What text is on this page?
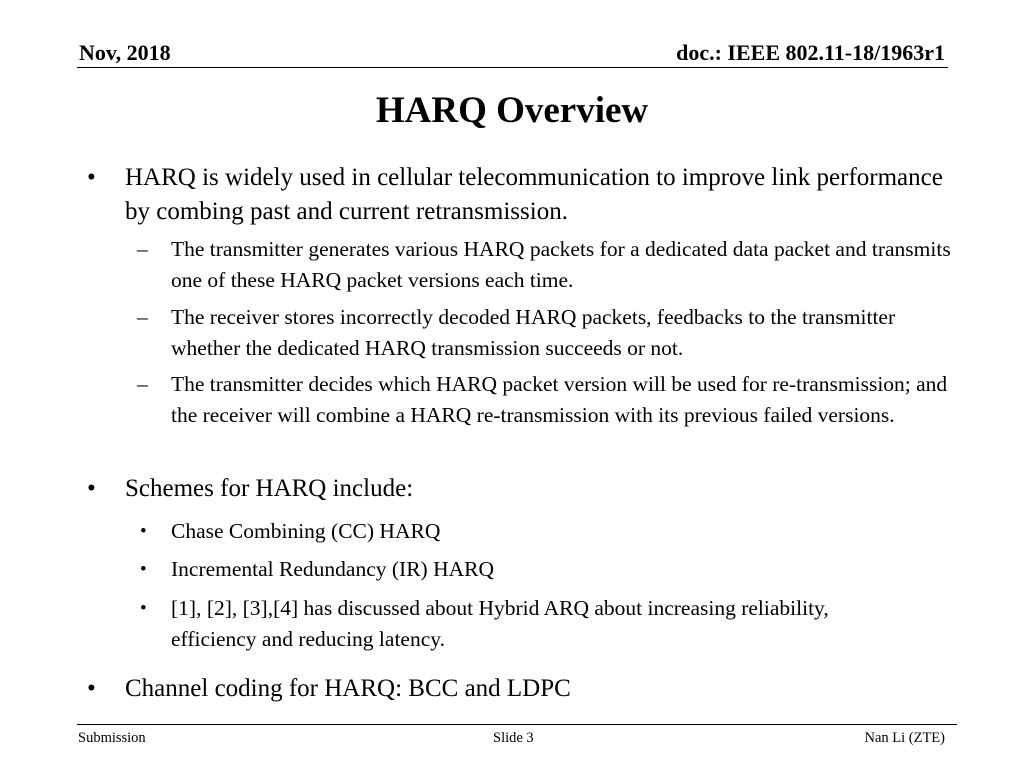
Nov, 2018	doc.: IEEE 802.11-18/1963r1
HARQ Overview
• HARQ is widely used in cellular telecommunication to improve link performance by combing past and current retransmission.
– The transmitter generates various HARQ packets for a dedicated data packet and transmits one of these HARQ packet versions each time.
– The receiver stores incorrectly decoded HARQ packets, feedbacks to the transmitter whether the dedicated HARQ transmission succeeds or not.
– The transmitter decides which HARQ packet version will be used for re-transmission; and the receiver will combine a HARQ re-transmission with its previous failed versions.
• Schemes for HARQ include:
• Chase Combining (CC) HARQ
• Incremental Redundancy (IR) HARQ
• [1], [2], [3],[4] has discussed about Hybrid ARQ about increasing reliability, efficiency and reducing latency.
• Channel coding for HARQ: BCC and LDPC
Submission	Slide 3	Nan Li (ZTE)
